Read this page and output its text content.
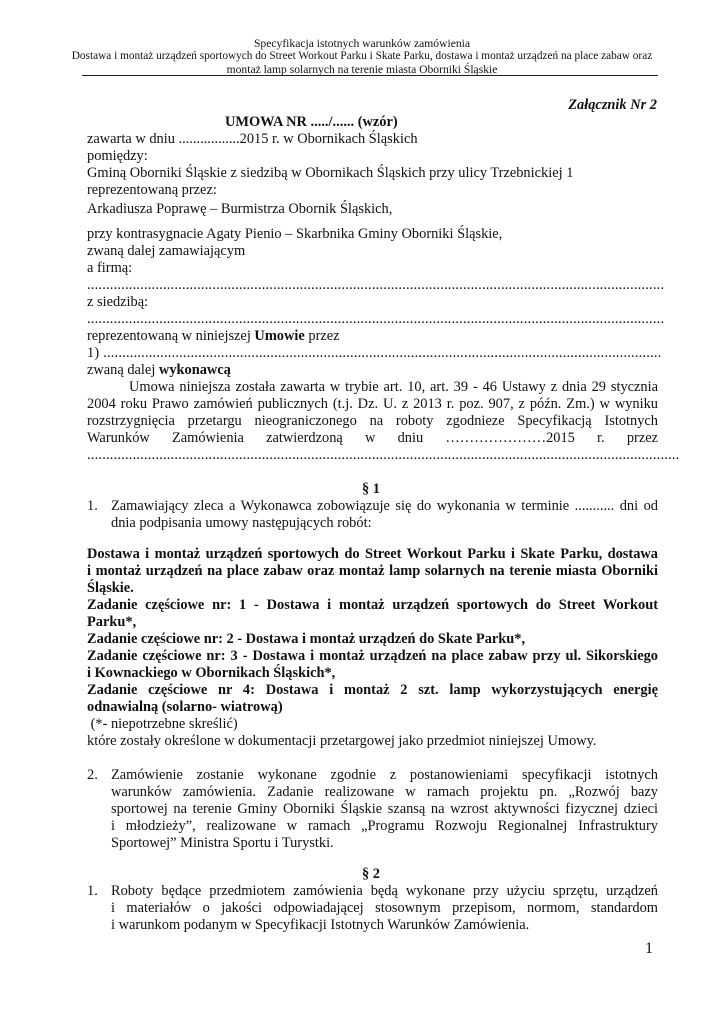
Specyfikacja istotnych warunków zamówienia
Dostawa i montaż urządzeń sportowych do Street Workout Parku i Skate Parku, dostawa i montaż urządzeń na place zabaw oraz
montaż lamp solarnych na terenie miasta Oborniki Śląskie
Załącznik Nr 2
UMOWA NR ...../...... (wzór)
zawarta w dniu .................2015 r. w Obornikach Śląskich
pomiędzy:
Gminą Oborniki Śląskie z siedzibą w Obornikach Śląskich przy ulicy Trzebnickiej 1
reprezentowaną przez:
Arkadiusza Poprawę – Burmistrza Obornik Śląskich,
przy kontrasygnacie Agaty Pienio – Skarbnika Gminy Oborniki Śląskie,
zwaną dalej zamawiającym
a firmą:
........................................................................................................................................................
z siedzibą:
........................................................................................................................................................
reprezentowaną w niniejszej Umowie przez
1) ...................................................................................................................................................
zwaną dalej wykonawcą
Umowa niniejsza została zawarta w trybie art. 10, art. 39 - 46 Ustawy z dnia 29 stycznia
2004 roku Prawo zamówień publicznych (t.j. Dz. U. z 2013 r. poz. 907, z późn. Zm.) w wyniku
rozstrzygnięcia przetargu nieograniczonego na roboty zgodnieze Specyfikacją Istotnych
Warunków Zamówienia zatwierdzoną w dniu …………………2015 r. przez
............................................................................................................................................................
§ 1
1. Zamawiający zleca a Wykonawca zobowiązuje się do wykonania w terminie ........... dni od
dnia podpisania umowy następujących robót:
Dostawa i montaż urządzeń sportowych do Street Workout Parku i Skate Parku, dostawa
i montaż urządzeń na place zabaw oraz montaż lamp solarnych na terenie miasta Oborniki
Śląskie.
Zadanie częściowe nr: 1 - Dostawa i montaż urządzeń sportowych do Street Workout
Parku*,
Zadanie częściowe nr: 2 - Dostawa i montaż urządzeń do Skate Parku*,
Zadanie częściowe nr: 3 - Dostawa i montaż urządzeń na place zabaw przy ul. Sikorskiego
i Kownackiego w Obornikach Śląskich*,
Zadanie częściowe nr 4: Dostawa i montaż 2 szt. lamp wykorzystujących energię
odnawialną (solarno- wiatrową)
(*- niepotrzebne skreślić)
które zostały określone w dokumentacji przetargowej jako przedmiot niniejszej Umowy.
2. Zamówienie zostanie wykonane zgodnie z postanowieniami specyfikacji istotnych
warunków zamówienia. Zadanie realizowane w ramach projektu pn. „Rozwój bazy
sportowej na terenie Gminy Oborniki Śląskie szansą na wzrost aktywności fizycznej dzieci
i młodzieży”, realizowane w ramach „Programu Rozwoju Regionalnej Infrastruktury
Sportowej” Ministra Sportu i Turystki.
§ 2
1. Roboty będące przedmiotem zamówienia będą wykonane przy użyciu sprzętu, urządzeń
i materiałów o jakości odpowiadającej stosownym przepisom, normom, standardom
i warunkom podanym w Specyfikacji Istotnych Warunków Zamówienia.
1
